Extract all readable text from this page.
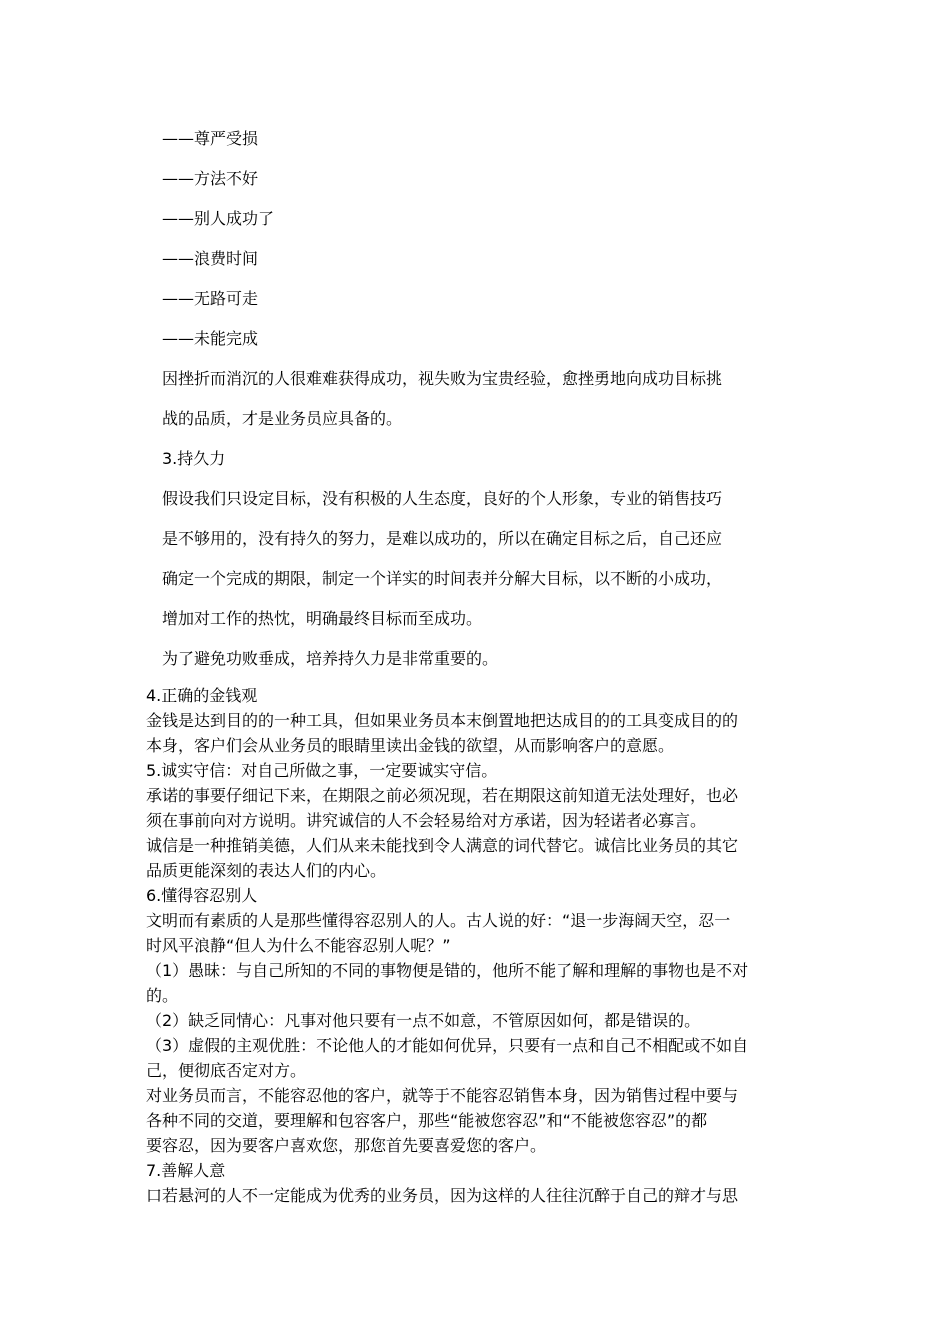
——尊严受损
——方法不好
——别人成功了
——浪费时间
——无路可走
——未能完成
因挫折而消沉的人很难难获得成功，视失败为宝贵经验，愈挫勇地向成功目标挑
战的品质，才是业务员应具备的。
3.持久力
假设我们只设定目标，没有积极的人生态度，良好的个人形象，专业的销售技巧
是不够用的，没有持久的努力，是难以成功的，所以在确定目标之后，自己还应
确定一个完成的期限，制定一个详实的时间表并分解大目标，以不断的小成功，
增加对工作的热忱，明确最终目标而至成功。
为了避免功败垂成，培养持久力是非常重要的。
4.正确的金钱观
金钱是达到目的的一种工具，但如果业务员本末倒置地把达成目的的工具变成目的的
本身，客户们会从业务员的眼睛里读出金钱的欲望，从而影响客户的意愿。
5.诚实守信：对自己所做之事，一定要诚实守信。
承诺的事要仔细记下来，在期限之前必须况现，若在期限这前知道无法处理好，也必
须在事前向对方说明。讲究诚信的人不会轻易给对方承诺，因为轻诺者必寡言。
诚信是一种推销美德，人们从来未能找到令人满意的词代替它。诚信比业务员的其它
品质更能深刻的表达人们的内心。
6.懂得容忍别人
文明而有素质的人是那些懂得容忍别人的人。古人说的好：“退一步海阔天空，忍一
时风平浪静“但人为什么不能容忍别人呢？”
（1）愚昧：与自己所知的不同的事物便是错的，他所不能了解和理解的事物也是不对
的。
（2）缺乏同情心：凡事对他只要有一点不如意，不管原因如何，都是错误的。
（3）虚假的主观优胜：不论他人的才能如何优异，只要有一点和自己不相配或不如自
己，便彻底否定对方。
对业务员而言，不能容忍他的客户，就等于不能容忍销售本身，因为销售过程中要与
各种不同的交道，要理解和包容客户，那些“能被您容忍”和“不能被您容忍”的都
要容忍，因为要客户喜欢您，那您首先要喜爱您的客户。
7.善解人意
口若悬河的人不一定能成为优秀的业务员，因为这样的人往往沉醉于自己的辩才与思
